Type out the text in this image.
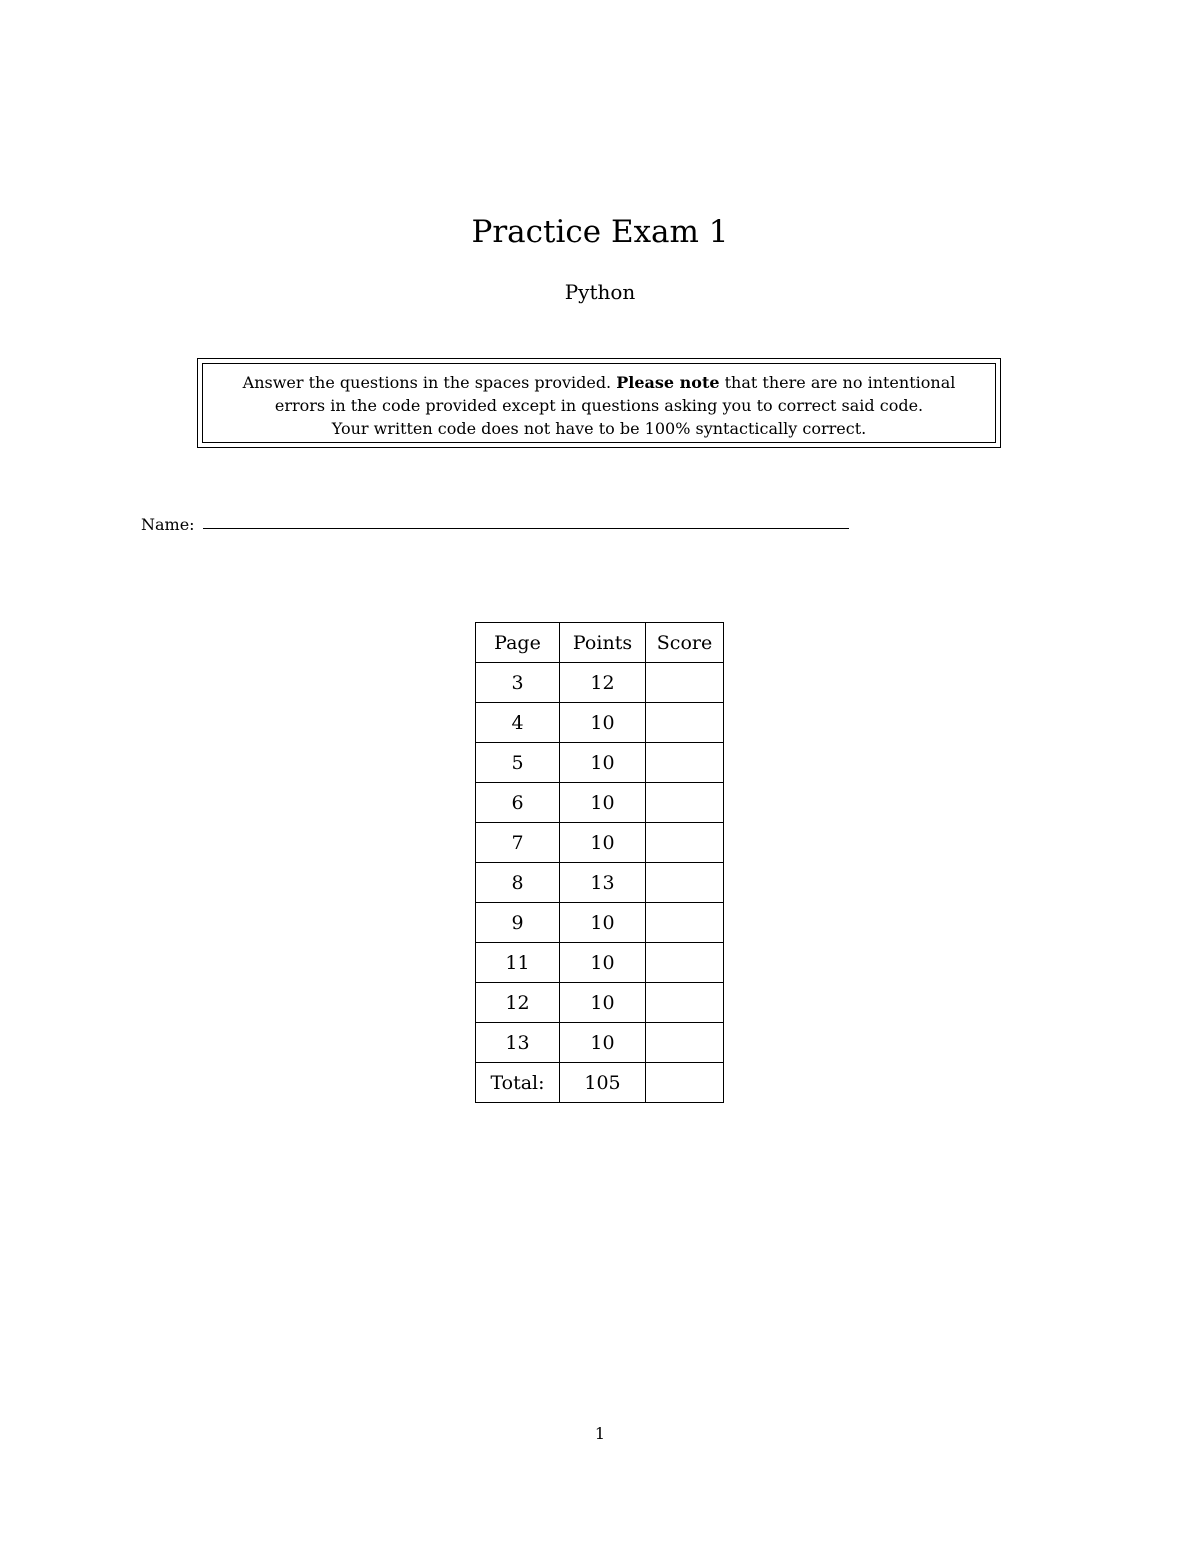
Practice Exam 1
Python
Answer the questions in the spaces provided. Please note that there are no intentional
errors in the code provided except in questions asking you to correct said code.
Your written code does not have to be 100% syntactically correct.
Name:
Page	Points	Score
3	12	
4	10	
5	10	
6	10	
7	10	
8	13	
9	10	
11	10	
12	10	
13	10	
Total:	105	
1
